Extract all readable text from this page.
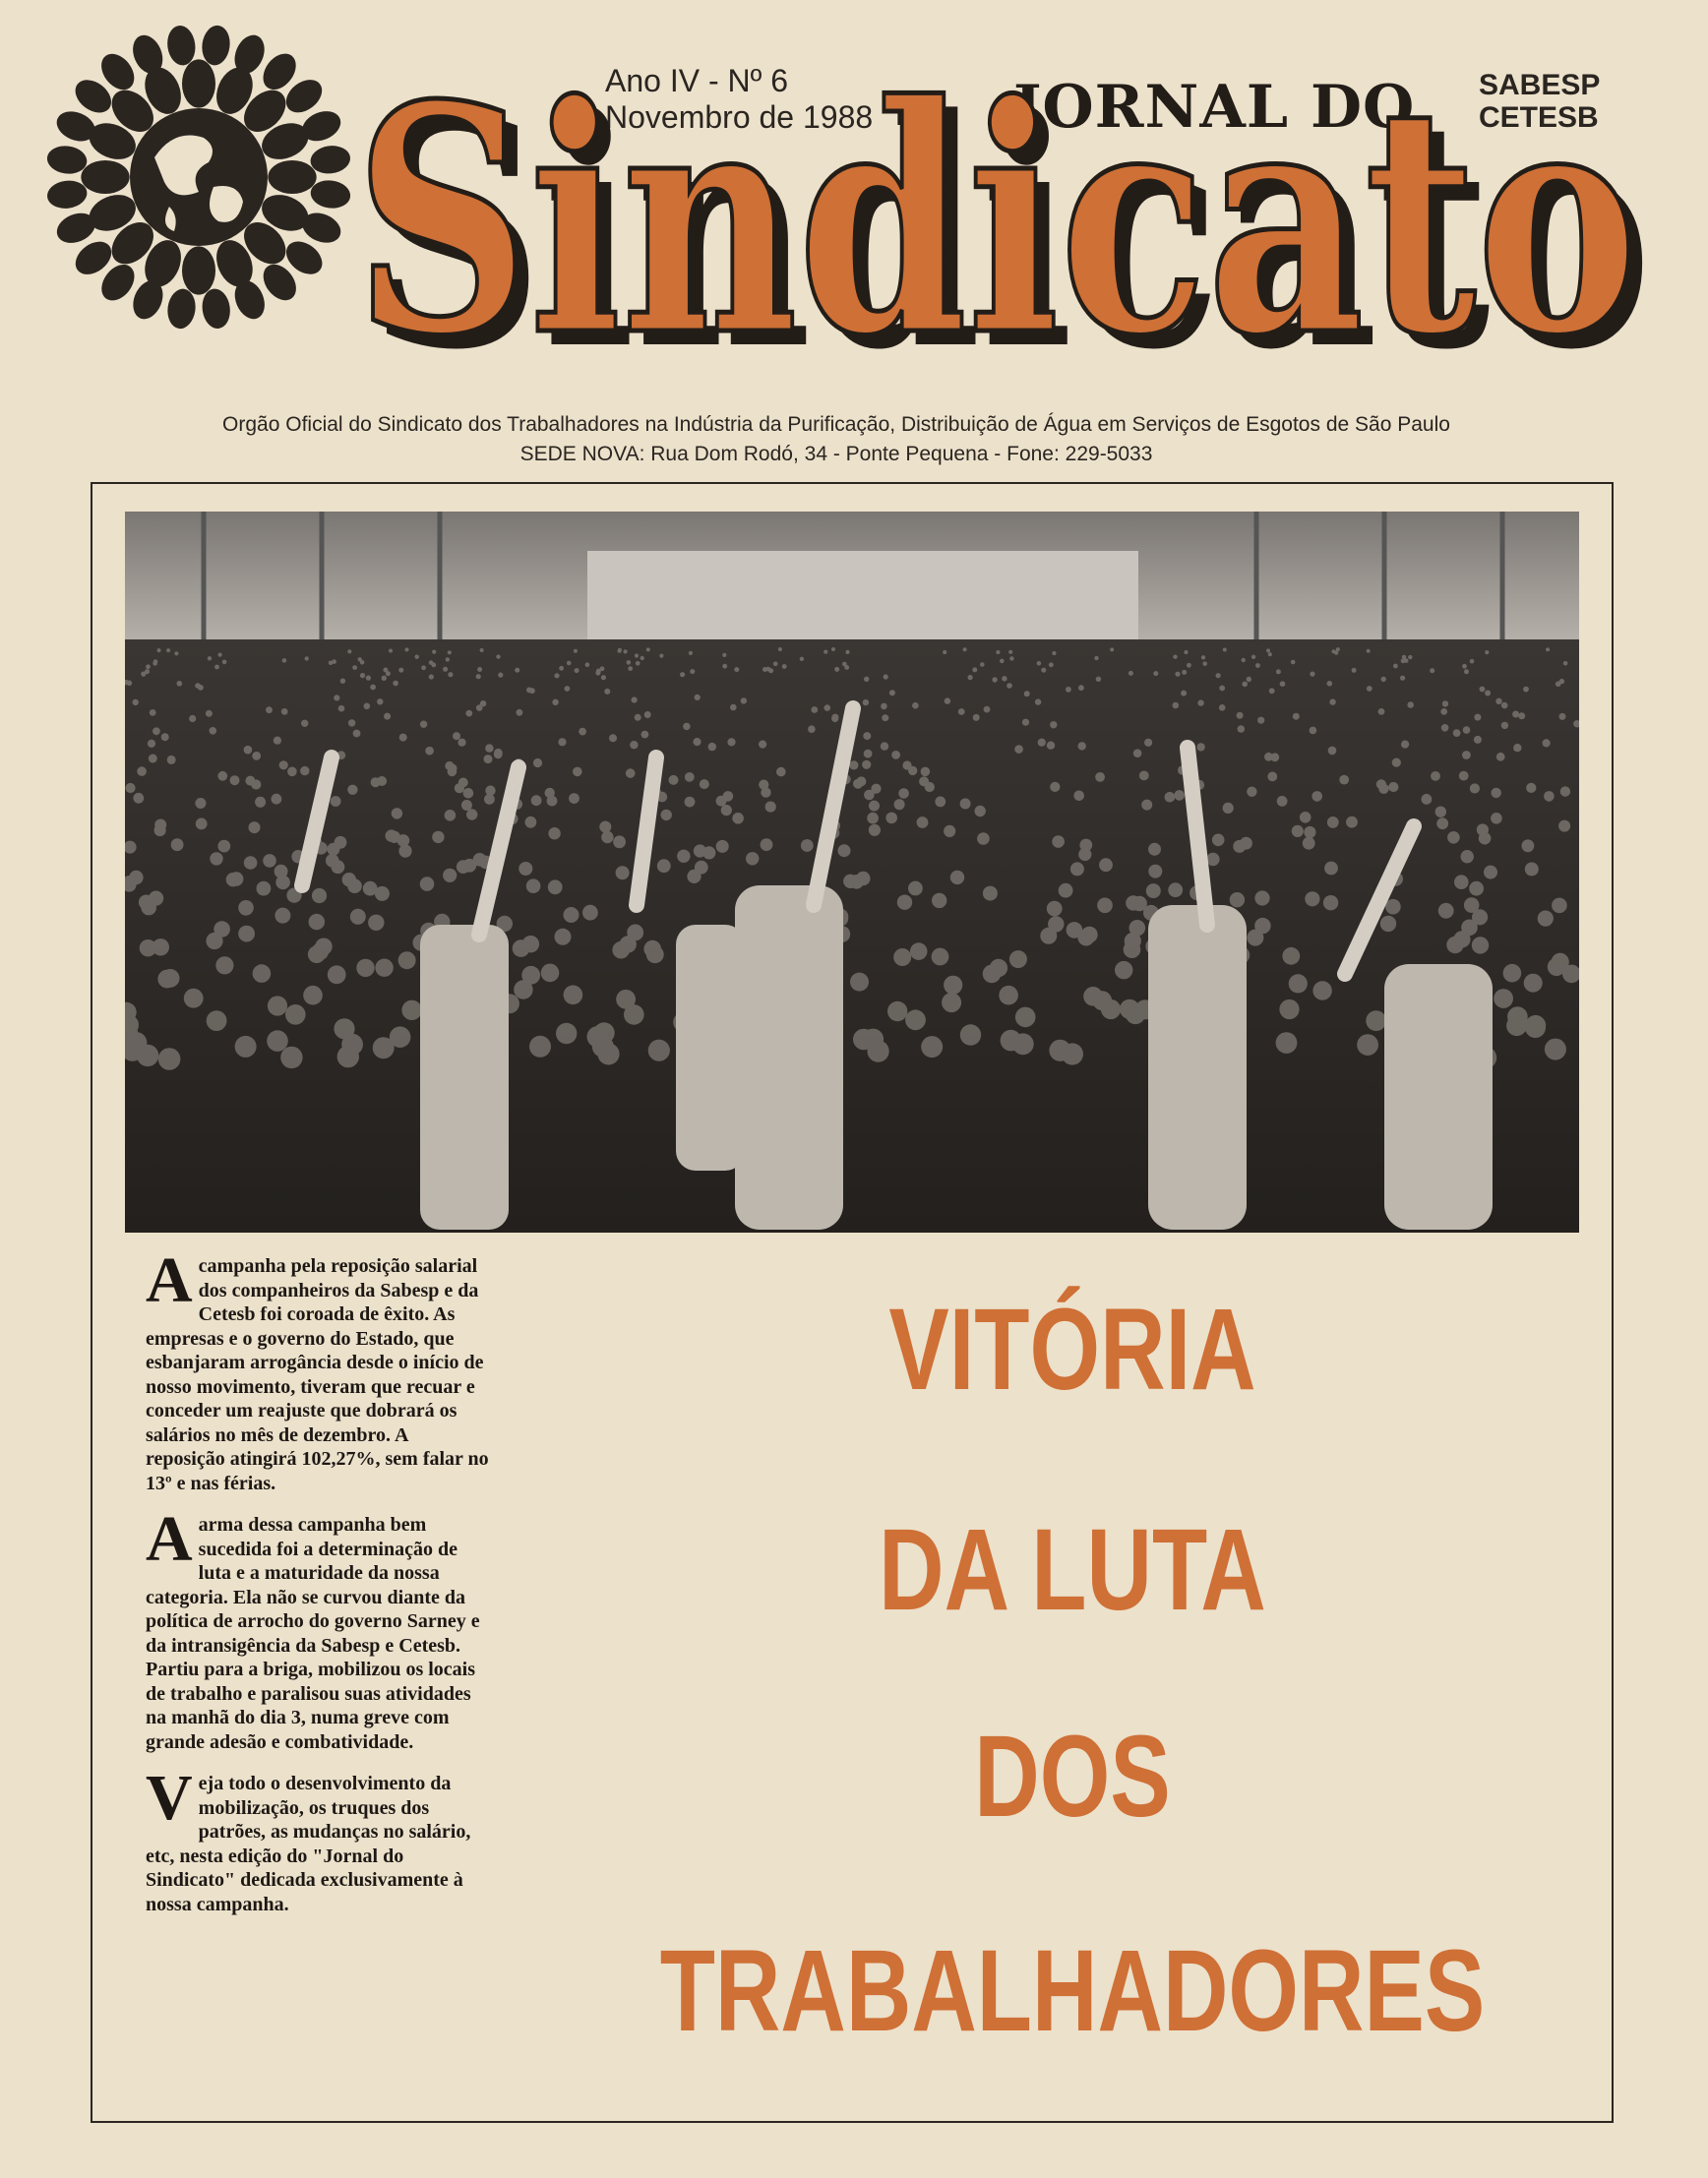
Ano IV - Nº 6
Novembro de 1988 JORNAL DO SABESP
CETESB
Sindicato
Sindicato
Orgão Oficial do Sindicato dos Trabalhadores na Indústria da Purificação, Distribuição de Água em Serviços de Esgotos de São Paulo
SEDE NOVA: Rua Dom Rodó, 34 - Ponte Pequena - Fone: 229-5033

Acampanha pela reposição salarial dos companheiros da Sabesp e da Cetesb foi coroada de êxito. As empresas e o governo do Estado, que esbanjaram arrogância desde o início de nosso movimento, tiveram que recuar e conceder um reajuste que dobrará os salários no mês de dezembro. A reposição atingirá 102,27%, sem falar no 13º e nas férias.

Aarma dessa campanha bem sucedida foi a determinação de luta e a maturidade da nossa categoria. Ela não se curvou diante da política de arrocho do governo Sarney e da intransigência da Sabesp e Cetesb. Partiu para a briga, mobilizou os locais de trabalho e paralisou suas atividades na manhã do dia 3, numa greve com grande adesão e combatividade.

Veja todo o desenvolvimento da mobilização, os truques dos patrões, as mudanças no salário, etc, nesta edição do "Jornal do Sindicato" dedicada exclusivamente à nossa campanha.

VITÓRIA
DA LUTA
DOS
TRABALHADORES
